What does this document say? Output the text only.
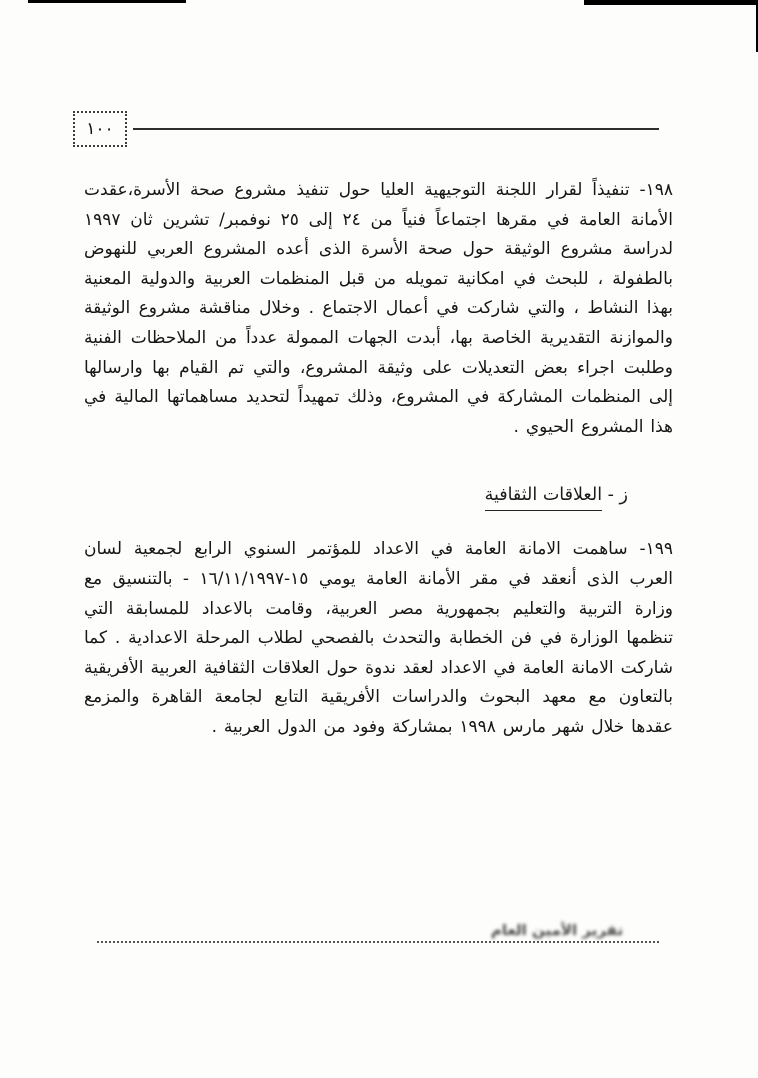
١٠٠

١٩٨- تنفيذاً لقرار اللجنة التوجيهية العليا حول تنفيذ مشروع صحة الأسرة،عقدت الأمانة العامة في مقرها اجتماعاً فنياً من ٢٤ إلى ٢٥ نوفمبر/ تشرين ثان ١٩٩٧ لدراسة مشروع الوثيقة حول صحة الأسرة الذى أعده المشروع العربي للنهوض بالطفولة ، للبحث في امكانية تمويله من قبل المنظمات العربية والدولية المعنية بهذا النشاط ، والتي شاركت في أعمال الاجتماع . وخلال مناقشة مشروع الوثيقة والموازنة التقديرية الخاصة بها، أبدت الجهات الممولة عدداً من الملاحظات الفنية وطلبت اجراء بعض التعديلات على وثيقة المشروع، والتي تم القيام بها وارسالها إلى المنظمات المشاركة في المشروع، وذلك تمهيداً لتحديد مساهماتها المالية في هذا المشروع الحيوي .

ز - العلاقات الثقافية

١٩٩- ساهمت الامانة العامة في الاعداد للمؤتمر السنوي الرابع لجمعية لسان العرب الذى أنعقد في مقر الأمانة العامة يومي ١٥-١٦/١١/١٩٩٧ - بالتنسيق مع وزارة التربية والتعليم بجمهورية مصر العربية، وقامت بالاعداد للمسابقة التي تنظمها الوزارة في فن الخطابة والتحدث بالفصحي لطلاب المرحلة الاعدادية . كما شاركت الامانة العامة في الاعداد لعقد ندوة حول العلاقات الثقافية العربية الأفريقية بالتعاون مع معهد البحوث والدراسات الأفريقية التابع لجامعة القاهرة والمزمع عقدها خلال شهر مارس ١٩٩٨ بمشاركة وفود من الدول العربية .

تقرير الأمين العام
